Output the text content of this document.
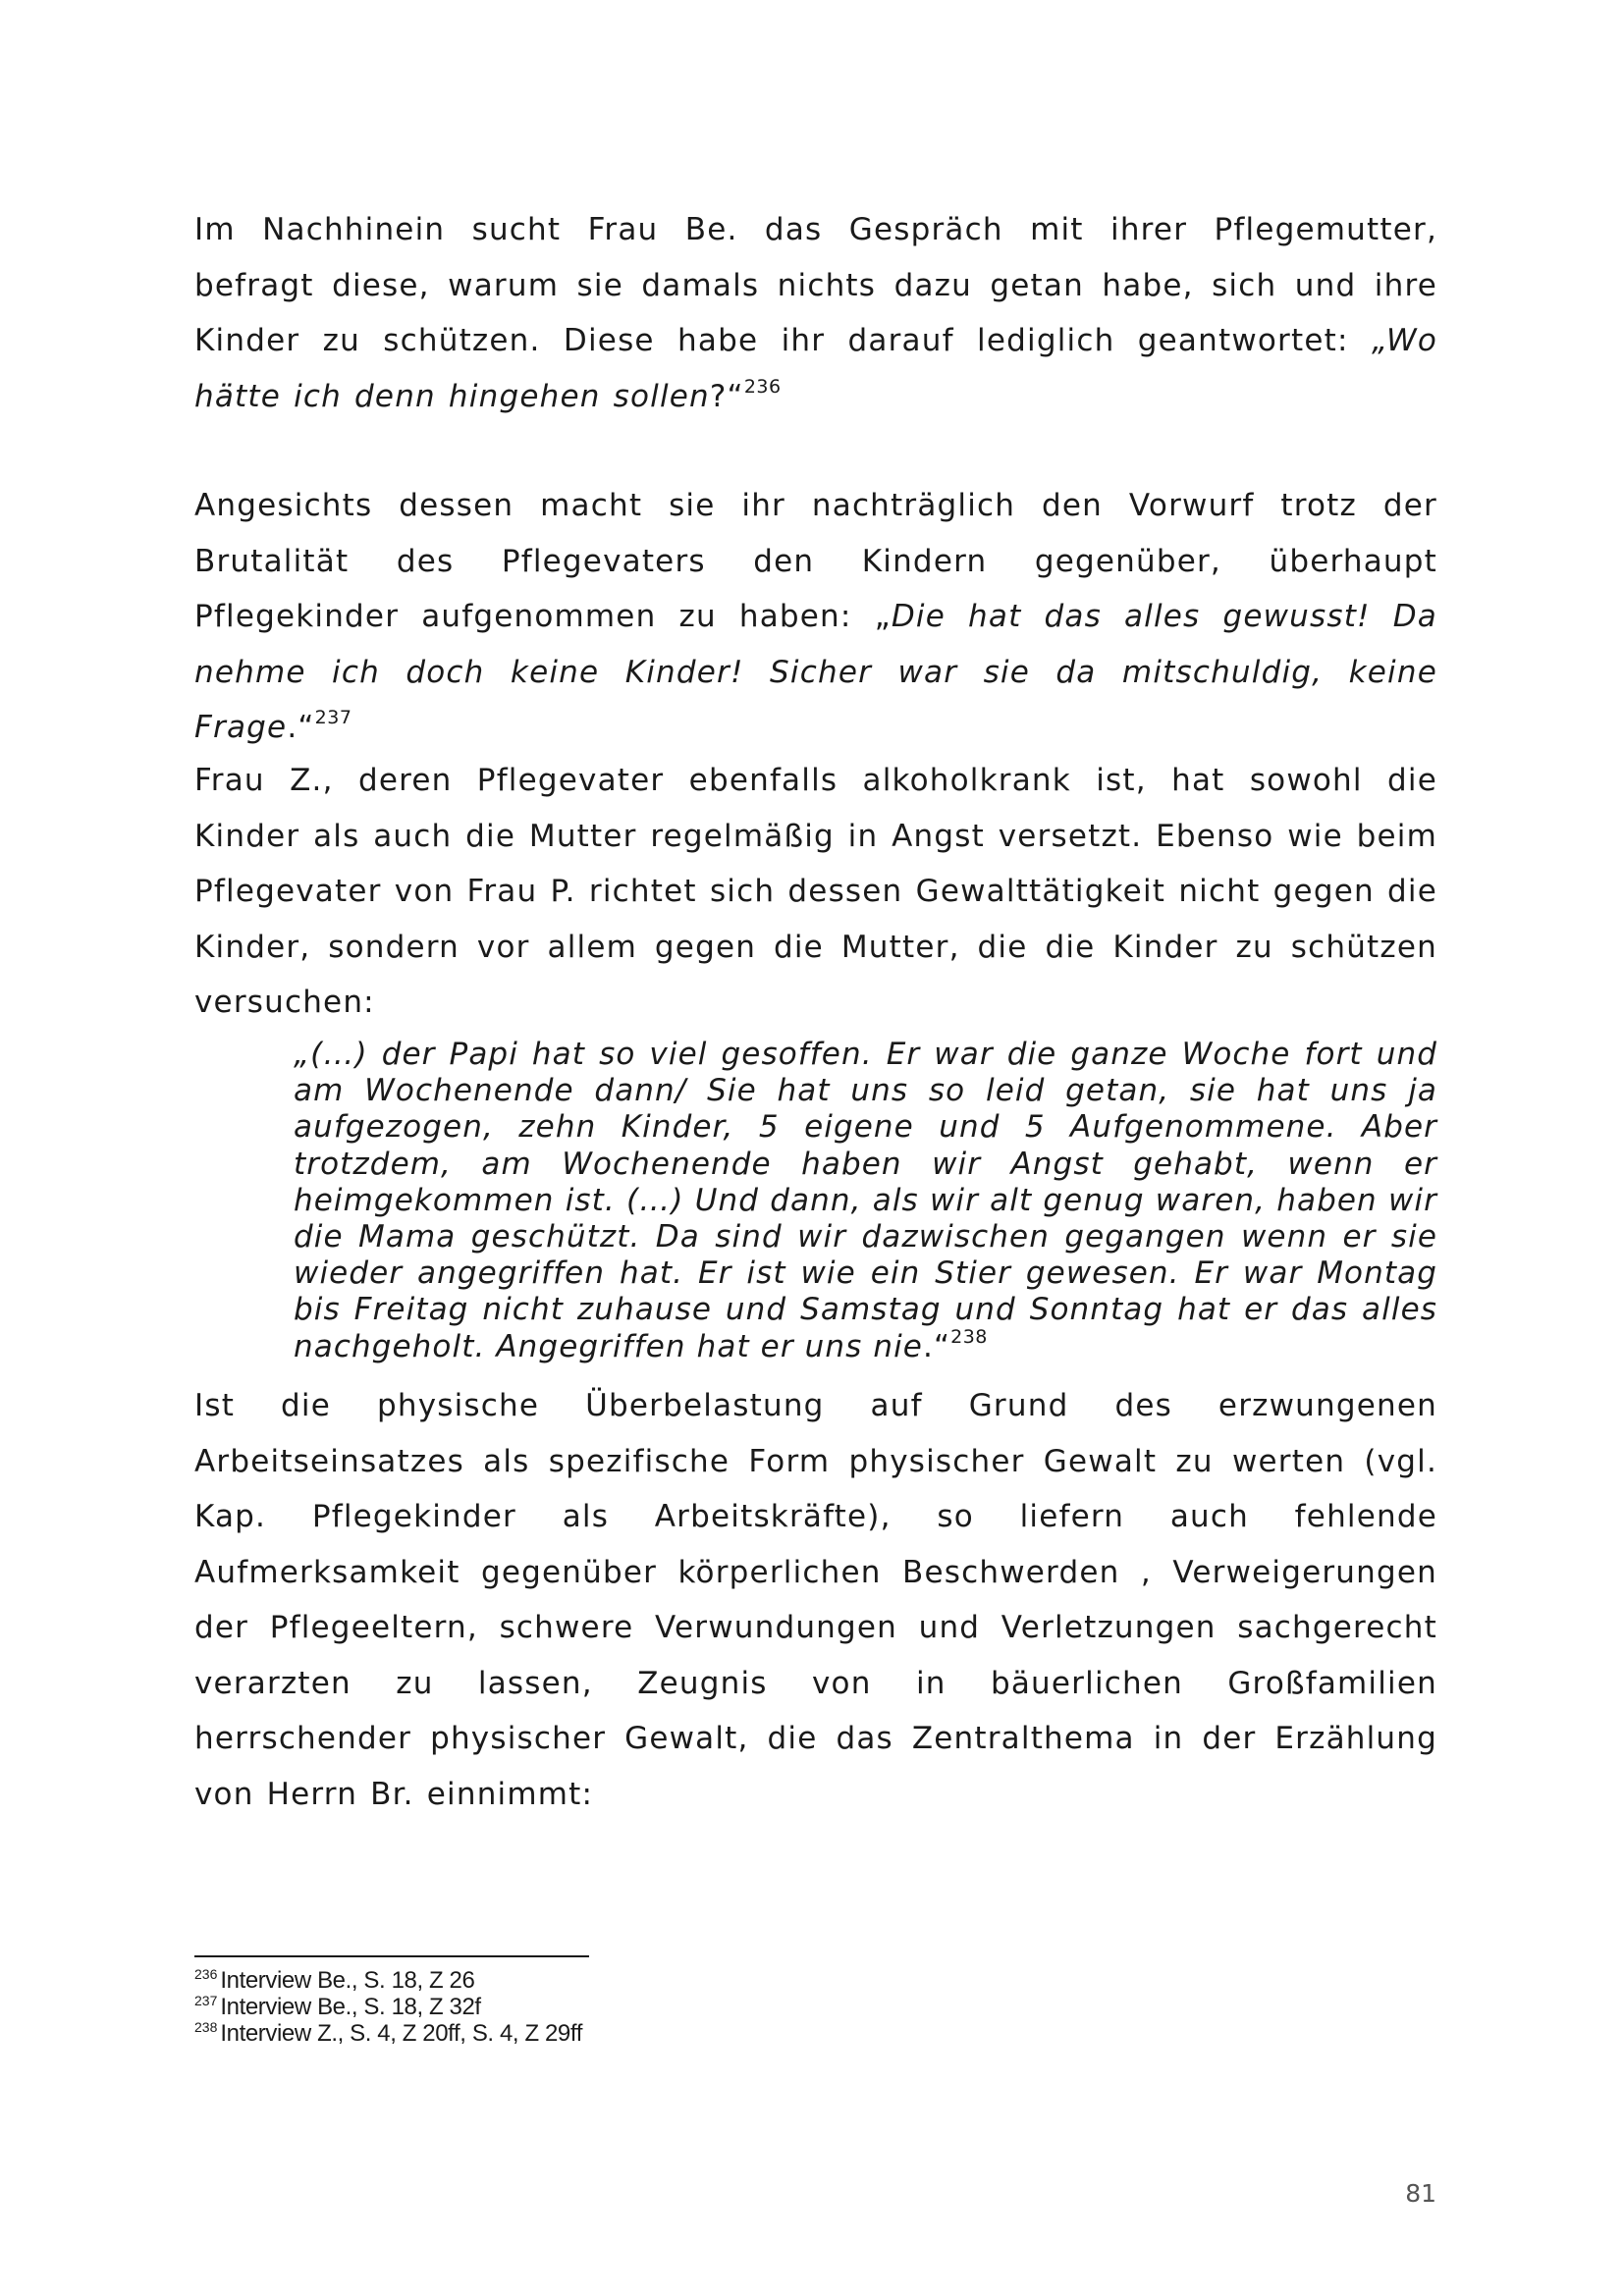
Im Nachhinein sucht Frau Be. das Gespräch mit ihrer Pflegemutter, befragt diese, warum sie damals nichts dazu getan habe, sich und ihre Kinder zu schützen. Diese habe ihr darauf lediglich geantwortet: „Wo hätte ich denn hingehen sollen?“$^{236}$
Angesichts dessen macht sie ihr nachträglich den Vorwurf trotz der Brutalität des Pflegevaters den Kindern gegenüber, überhaupt Pflegekinder aufgenommen zu haben: „Die hat das alles gewusst! Da nehme ich doch keine Kinder! Sicher war sie da mitschuldig, keine Frage.“$^{237}$
Frau Z., deren Pflegevater ebenfalls alkoholkrank ist, hat sowohl die Kinder als auch die Mutter regelmäßig in Angst versetzt. Ebenso wie beim Pflegevater von Frau P. richtet sich dessen Gewalttätigkeit nicht gegen die Kinder, sondern vor allem gegen die Mutter, die die Kinder zu schützen versuchen:
„(…) der Papi hat so viel gesoffen. Er war die ganze Woche fort und am Wochenende dann/ Sie hat uns so leid getan, sie hat uns ja aufgezogen, zehn Kinder, 5 eigene und 5 Aufgenommene. Aber trotzdem, am Wochenende haben wir Angst gehabt, wenn er heimgekommen ist. (…) Und dann, als wir alt genug waren, haben wir die Mama geschützt. Da sind wir dazwischen gegangen wenn er sie wieder angegriffen hat. Er ist wie ein Stier gewesen. Er war Montag bis Freitag nicht zuhause und Samstag und Sonntag hat er das alles nachgeholt. Angegriffen hat er uns nie.“$^{238}$
Ist die physische Überbelastung auf Grund des erzwungenen Arbeitseinsatzes als spezifische Form physischer Gewalt zu werten (vgl. Kap. Pflegekinder als Arbeitskräfte), so liefern auch fehlende Aufmerksamkeit gegenüber körperlichen Beschwerden , Verweigerungen der Pflegeeltern, schwere Verwundungen und Verletzungen sachgerecht verarzten zu lassen, Zeugnis von in bäuerlichen Großfamilien herrschender physischer Gewalt, die das Zentralthema in der Erzählung von Herrn Br. einnimmt:
$^{236}$ Interview Be., S. 18, Z 26
$^{237}$ Interview Be., S. 18, Z 32f
$^{238}$ Interview Z., S. 4, Z 20ff, S. 4, Z 29ff
81
